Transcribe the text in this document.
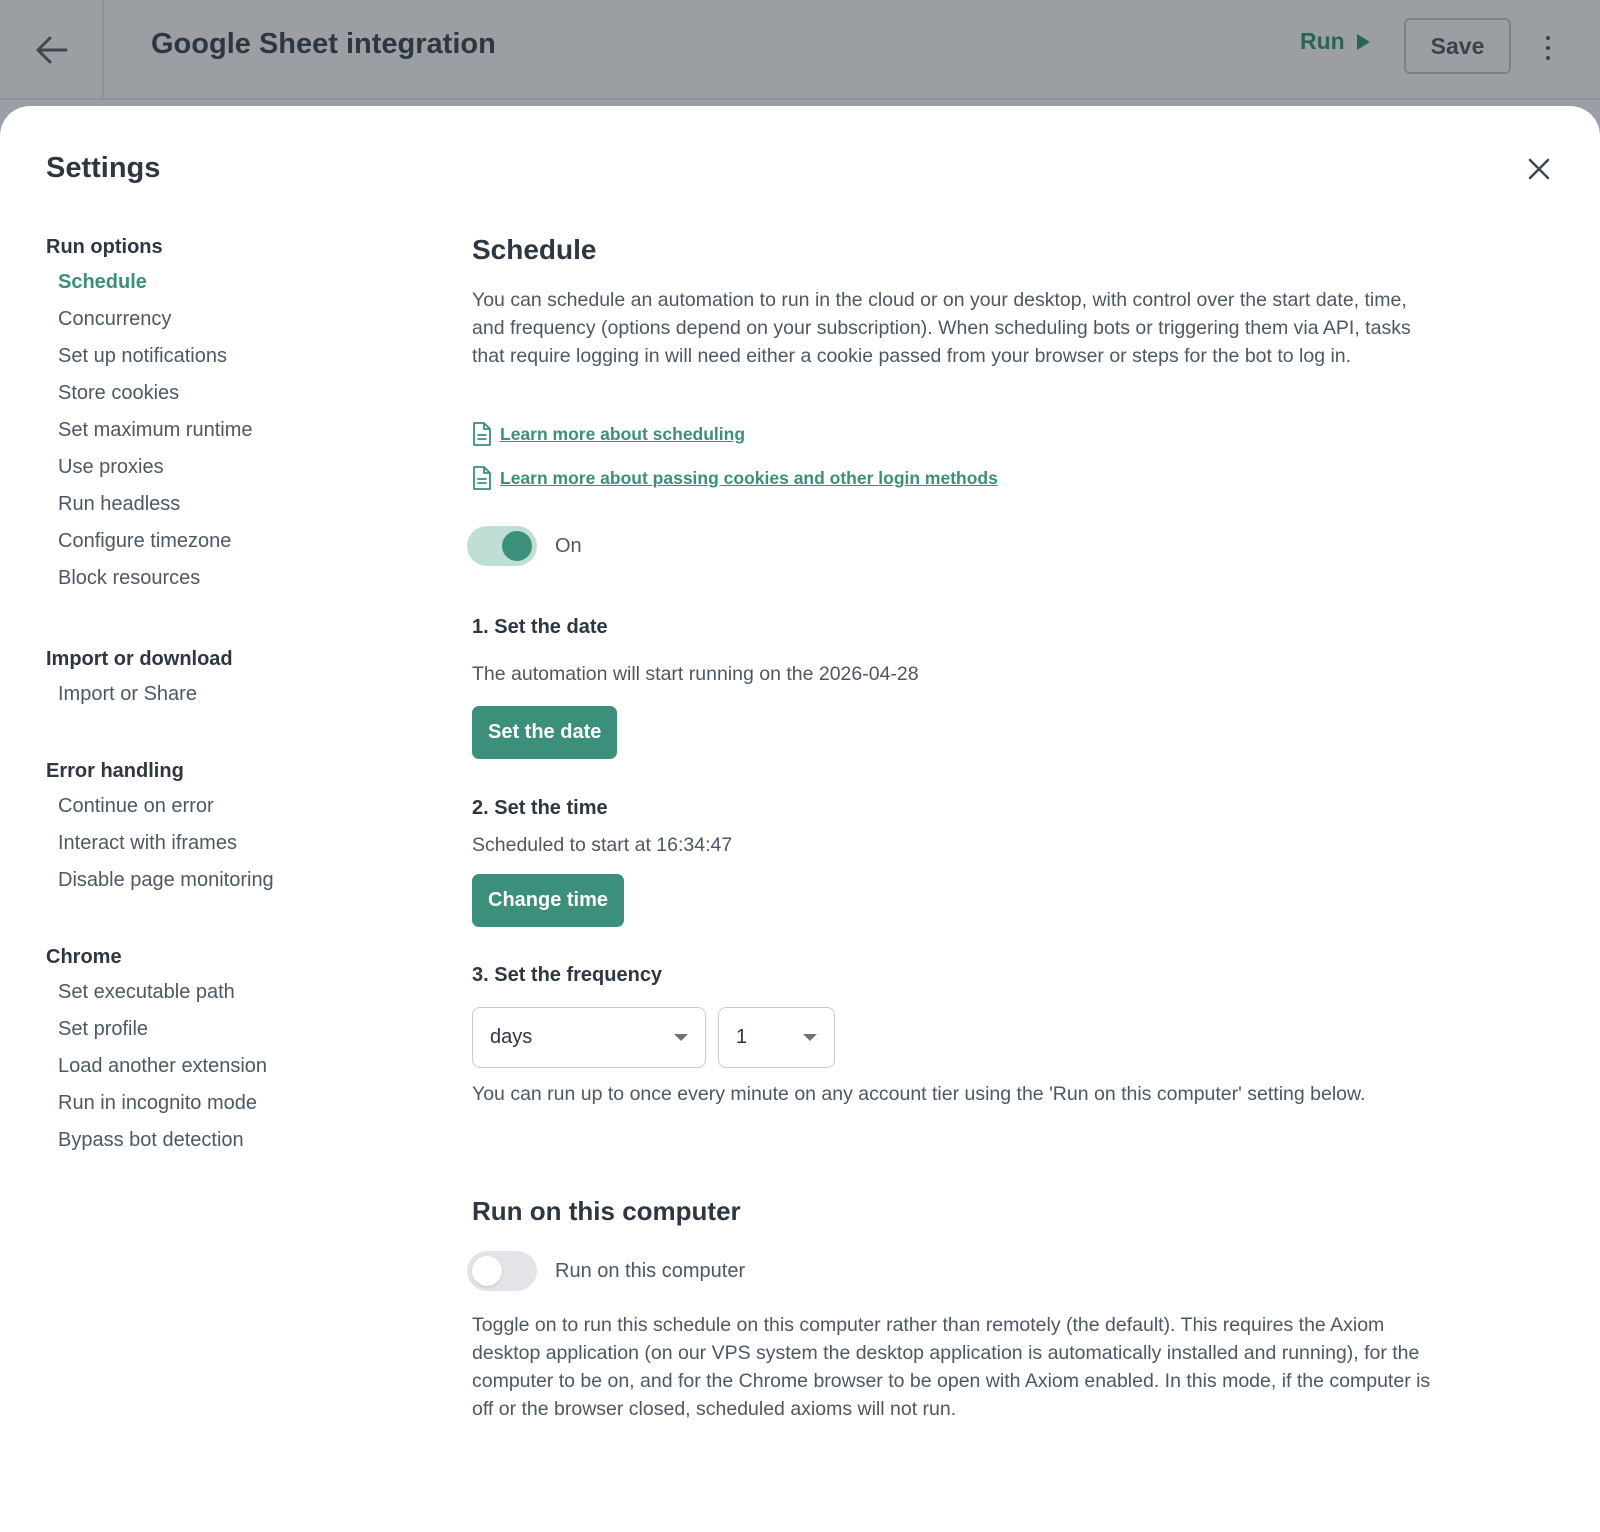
Google Sheet integration	Run	Save
Settings
Run options
Schedule
Concurrency
Set up notifications
Store cookies
Set maximum runtime
Use proxies
Run headless
Configure timezone
Block resources
Import or download
Import or Share
Error handling
Continue on error
Interact with iframes
Disable page monitoring
Chrome
Set executable path
Set profile
Load another extension
Run in incognito mode
Bypass bot detection
Schedule

You can schedule an automation to run in the cloud or on your desktop, with control over the start date, time, and frequency (options depend on your subscription). When scheduling bots or triggering them via API, tasks that require logging in will need either a cookie passed from your browser or steps for the bot to log in.

Learn more about scheduling
Learn more about passing cookies and other login methods
On
1. Set the date
The automation will start running on the 2026-04-28
Set the date
2. Set the time
Scheduled to start at 16:34:47
Change time
3. Set the frequency
days	1

You can run up to once every minute on any account tier using the 'Run on this computer' setting below.

Run on this computer
Run on this computer

Toggle on to run this schedule on this computer rather than remotely (the default). This requires the Axiom desktop application (on our VPS system the desktop application is automatically installed and running), for the computer to be on, and for the Chrome browser to be open with Axiom enabled. In this mode, if the computer is off or the browser closed, scheduled axioms will not run.
